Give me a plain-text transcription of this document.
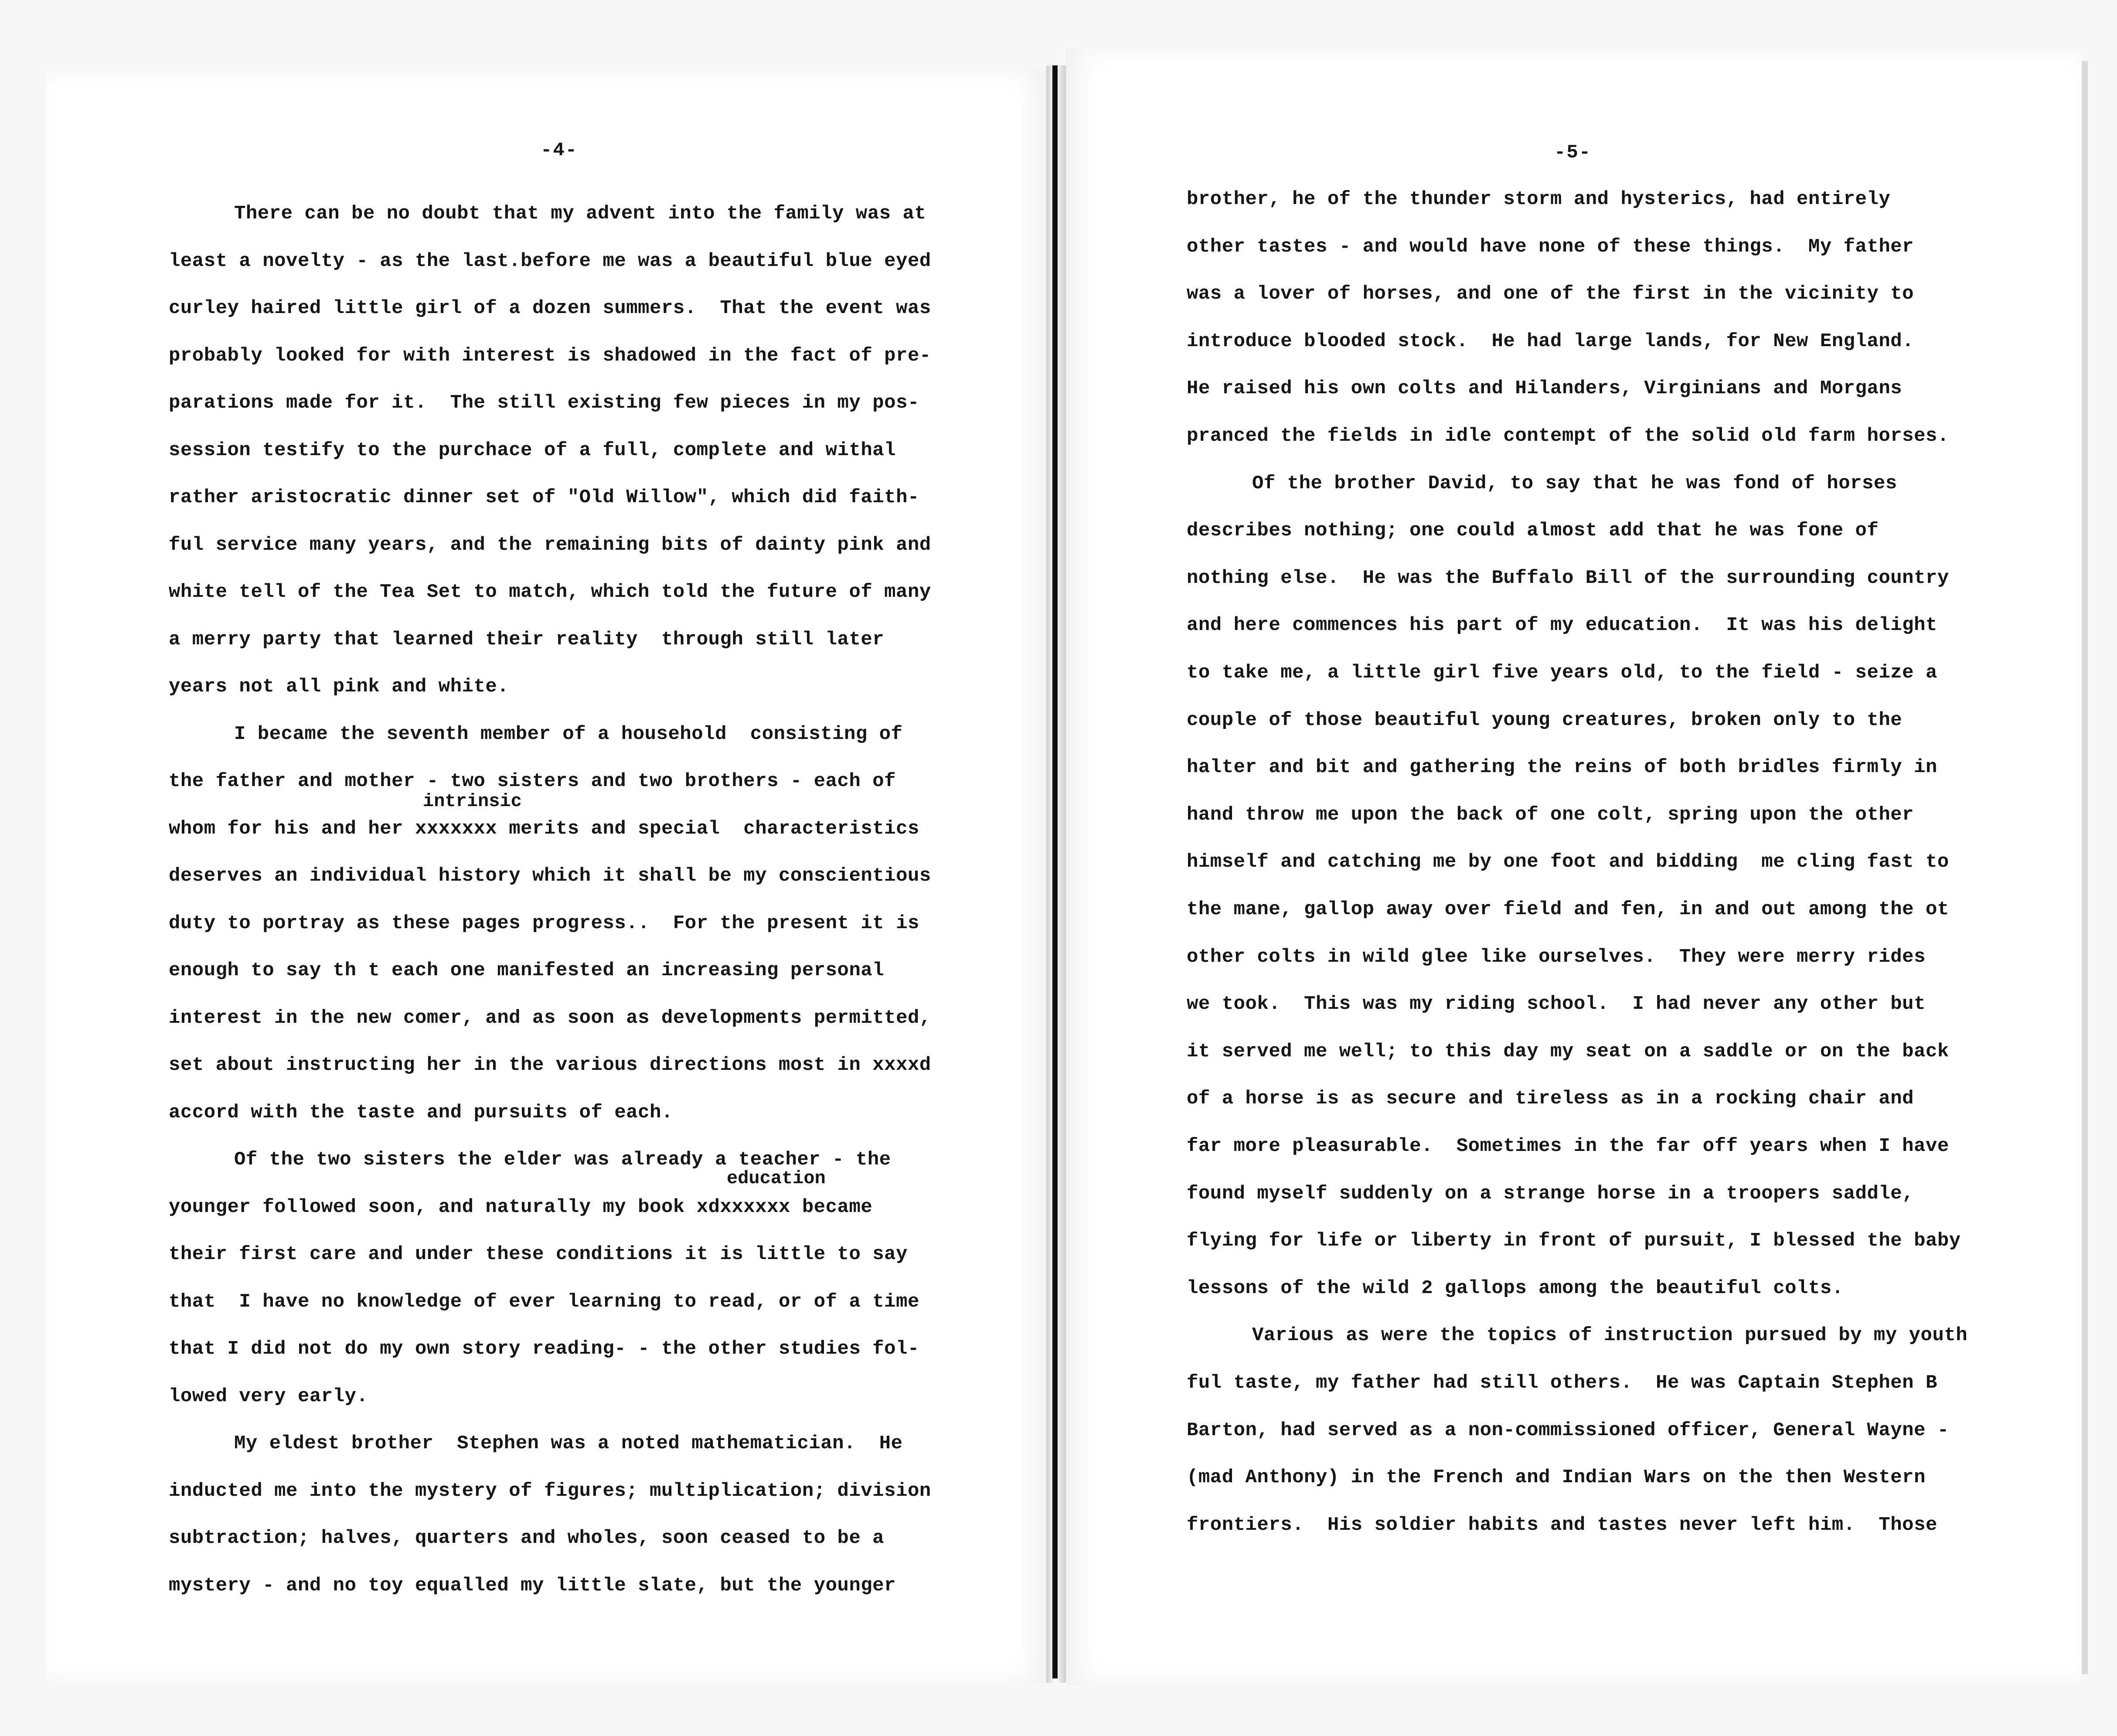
-4-	-5-
intrinsic
education
There can be no doubt that my advent into the family was at
least a novelty - as the last.before me was a beautiful blue eyed
curley haired little girl of a dozen summers.  That the event was
probably looked for with interest is shadowed in the fact of pre-
parations made for it.  The still existing few pieces in my pos-
session testify to the purchace of a full, complete and withal
rather aristocratic dinner set of "Old Willow", which did faith-
ful service many years, and the remaining bits of dainty pink and
white tell of the Tea Set to match, which told the future of many
a merry party that learned their reality  through still later
years not all pink and white.
I became the seventh member of a household  consisting of
the father and mother - two sisters and two brothers - each of
whom for his and her xxxxxxx merits and special  characteristics
deserves an individual history which it shall be my conscientious
duty to portray as these pages progress..  For the present it is
enough to say th t each one manifested an increasing personal
interest in the new comer, and as soon as developments permitted,
set about instructing her in the various directions most in xxxxd
accord with the taste and pursuits of each.
Of the two sisters the elder was already a teacher - the
younger followed soon, and naturally my book xdxxxxxx became
their first care and under these conditions it is little to say
that  I have no knowledge of ever learning to read, or of a time
that I did not do my own story reading- - the other studies fol-
lowed very early.
My eldest brother  Stephen was a noted mathematician.  He
inducted me into the mystery of figures; multiplication; division
subtraction; halves, quarters and wholes, soon ceased to be a
mystery - and no toy equalled my little slate, but the younger
brother, he of the thunder storm and hysterics, had entirely
other tastes - and would have none of these things.  My father
was a lover of horses, and one of the first in the vicinity to
introduce blooded stock.  He had large lands, for New England.
He raised his own colts and Hilanders, Virginians and Morgans
pranced the fields in idle contempt of the solid old farm horses.
Of the brother David, to say that he was fond of horses
describes nothing; one could almost add that he was fone of
nothing else.  He was the Buffalo Bill of the surrounding country
and here commences his part of my education.  It was his delight
to take me, a little girl five years old, to the field - seize a
couple of those beautiful young creatures, broken only to the
halter and bit and gathering the reins of both bridles firmly in
hand throw me upon the back of one colt, spring upon the other
himself and catching me by one foot and bidding  me cling fast to
the mane, gallop away over field and fen, in and out among the ot
other colts in wild glee like ourselves.  They were merry rides
we took.  This was my riding school.  I had never any other but
it served me well; to this day my seat on a saddle or on the back
of a horse is as secure and tireless as in a rocking chair and
far more pleasurable.  Sometimes in the far off years when I have
found myself suddenly on a strange horse in a troopers saddle,
flying for life or liberty in front of pursuit, I blessed the baby
lessons of the wild 2 gallops among the beautiful colts.
Various as were the topics of instruction pursued by my youth
ful taste, my father had still others.  He was Captain Stephen B
Barton, had served as a non-commissioned officer, General Wayne -
(mad Anthony) in the French and Indian Wars on the then Western
frontiers.  His soldier habits and tastes never left him.  Those
